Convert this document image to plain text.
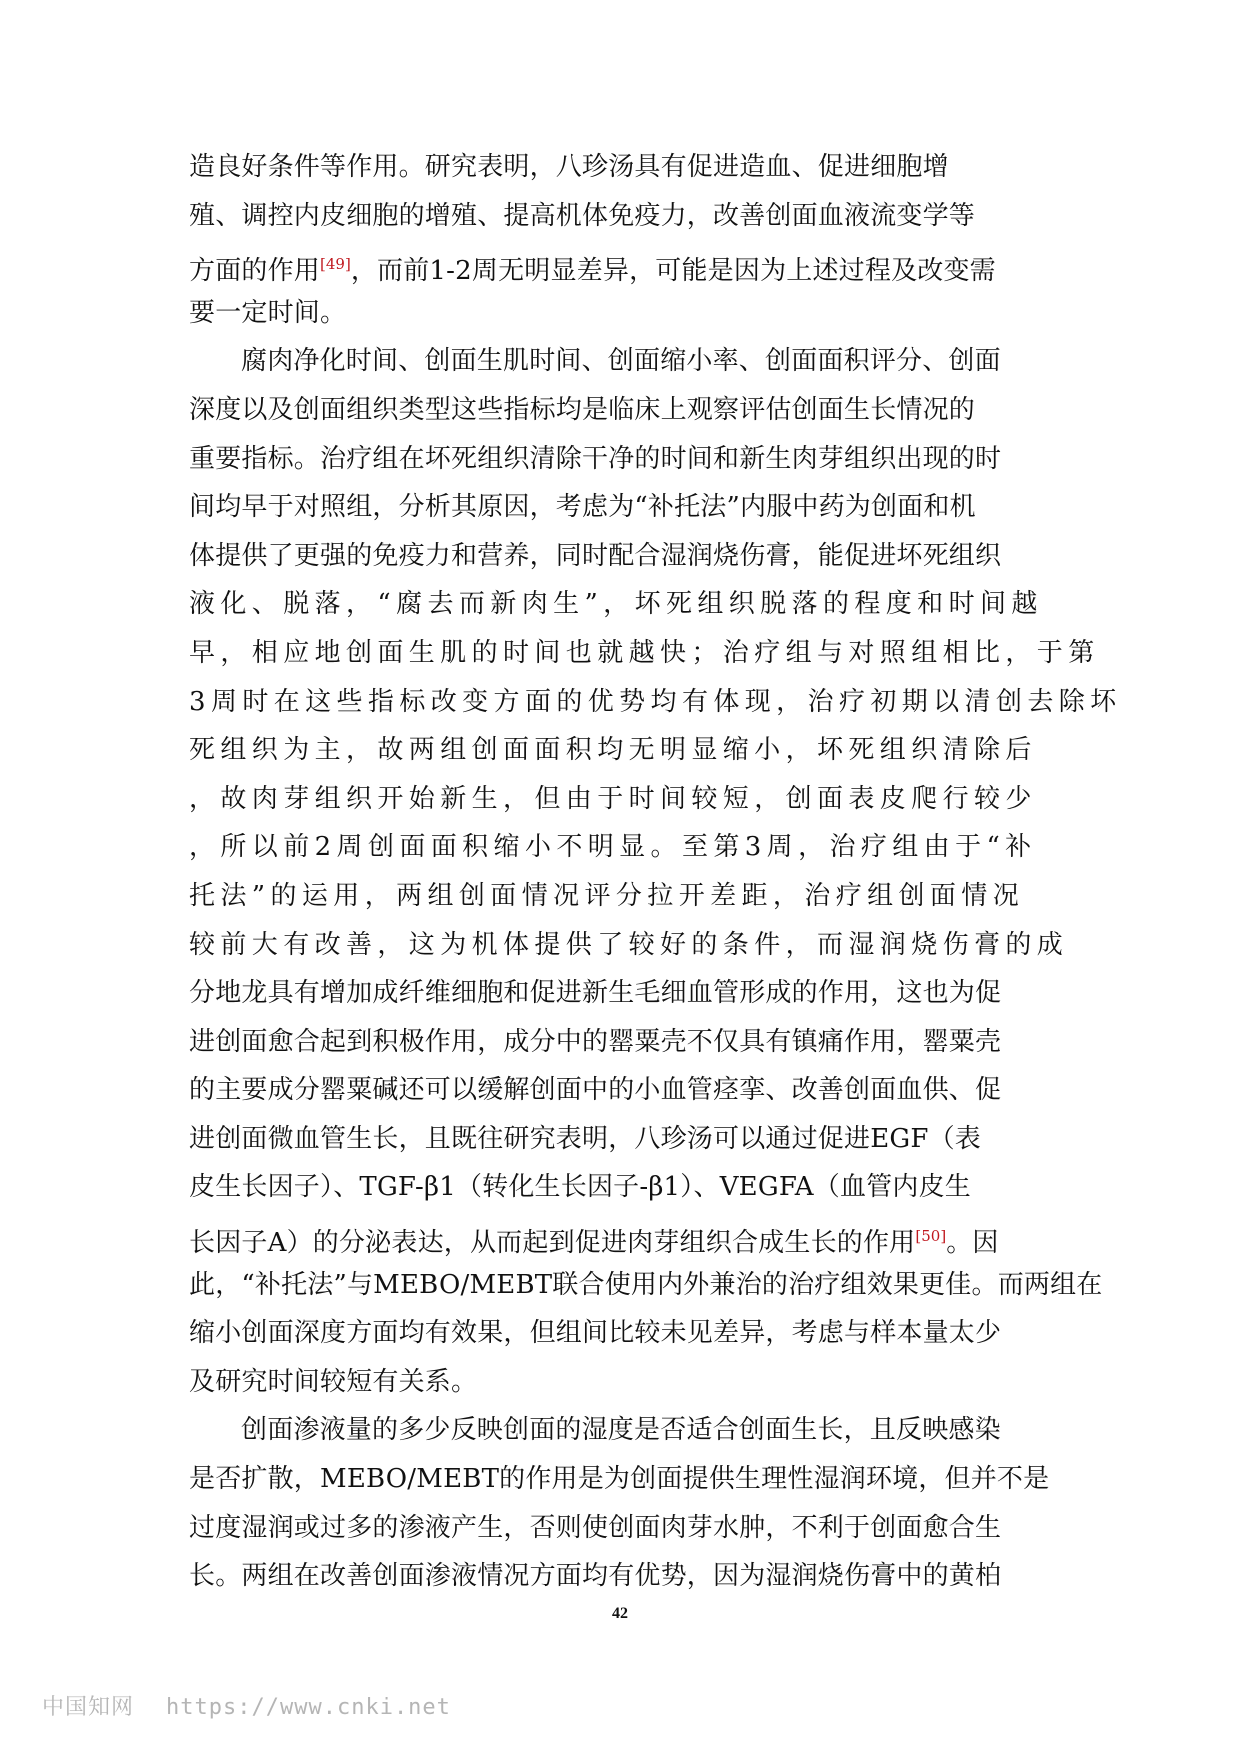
造良好条件等作用。研究表明，八珍汤具有促进造血、促进细胞增
殖、调控内皮细胞的增殖、提高机体免疫力，改善创面血液流变学等
方面的作用[49]，而前1-2周无明显差异，可能是因为上述过程及改变需
要一定时间。
腐肉净化时间、创面生肌时间、创面缩小率、创面面积评分、创面
深度以及创面组织类型这些指标均是临床上观察评估创面生长情况的
重要指标。治疗组在坏死组织清除干净的时间和新生肉芽组织出现的时
间均早于对照组，分析其原因，考虑为“补托法”内服中药为创面和机
体提供了更强的免疫力和营养，同时配合湿润烧伤膏，能促进坏死组织
液化、脱落，“腐去而新肉生”，坏死组织脱落的程度和时间越
早，相应地创面生肌的时间也就越快；治疗组与对照组相比，于第
3周时在这些指标改变方面的优势均有体现，治疗初期以清创去除坏
死组织为主，故两组创面面积均无明显缩小，坏死组织清除后
，故肉芽组织开始新生，但由于时间较短，创面表皮爬行较少
，所以前2周创面面积缩小不明显。至第3周，治疗组由于“补
托法”的运用，两组创面情况评分拉开差距，治疗组创面情况
较前大有改善，这为机体提供了较好的条件，而湿润烧伤膏的成
分地龙具有增加成纤维细胞和促进新生毛细血管形成的作用，这也为促
进创面愈合起到积极作用，成分中的罂粟壳不仅具有镇痛作用，罂粟壳
的主要成分罂粟碱还可以缓解创面中的小血管痉挛、改善创面血供、促
进创面微血管生长，且既往研究表明，八珍汤可以通过促进EGF（表
皮生长因子）、TGF-β1（转化生长因子-β1）、VEGFA（血管内皮生
长因子A）的分泌表达，从而起到促进肉芽组织合成生长的作用[50]。因
此，“补托法”与MEBO/MEBT联合使用内外兼治的治疗组效果更佳。而两组在
缩小创面深度方面均有效果，但组间比较未见差异，考虑与样本量太少
及研究时间较短有关系。
创面渗液量的多少反映创面的湿度是否适合创面生长，且反映感染
是否扩散，MEBO/MEBT的作用是为创面提供生理性湿润环境，但并不是
过度湿润或过多的渗液产生，否则使创面肉芽水肿，不利于创面愈合生
长。两组在改善创面渗液情况方面均有优势，因为湿润烧伤膏中的黄柏
42
中国知网 https://www.cnki.net
